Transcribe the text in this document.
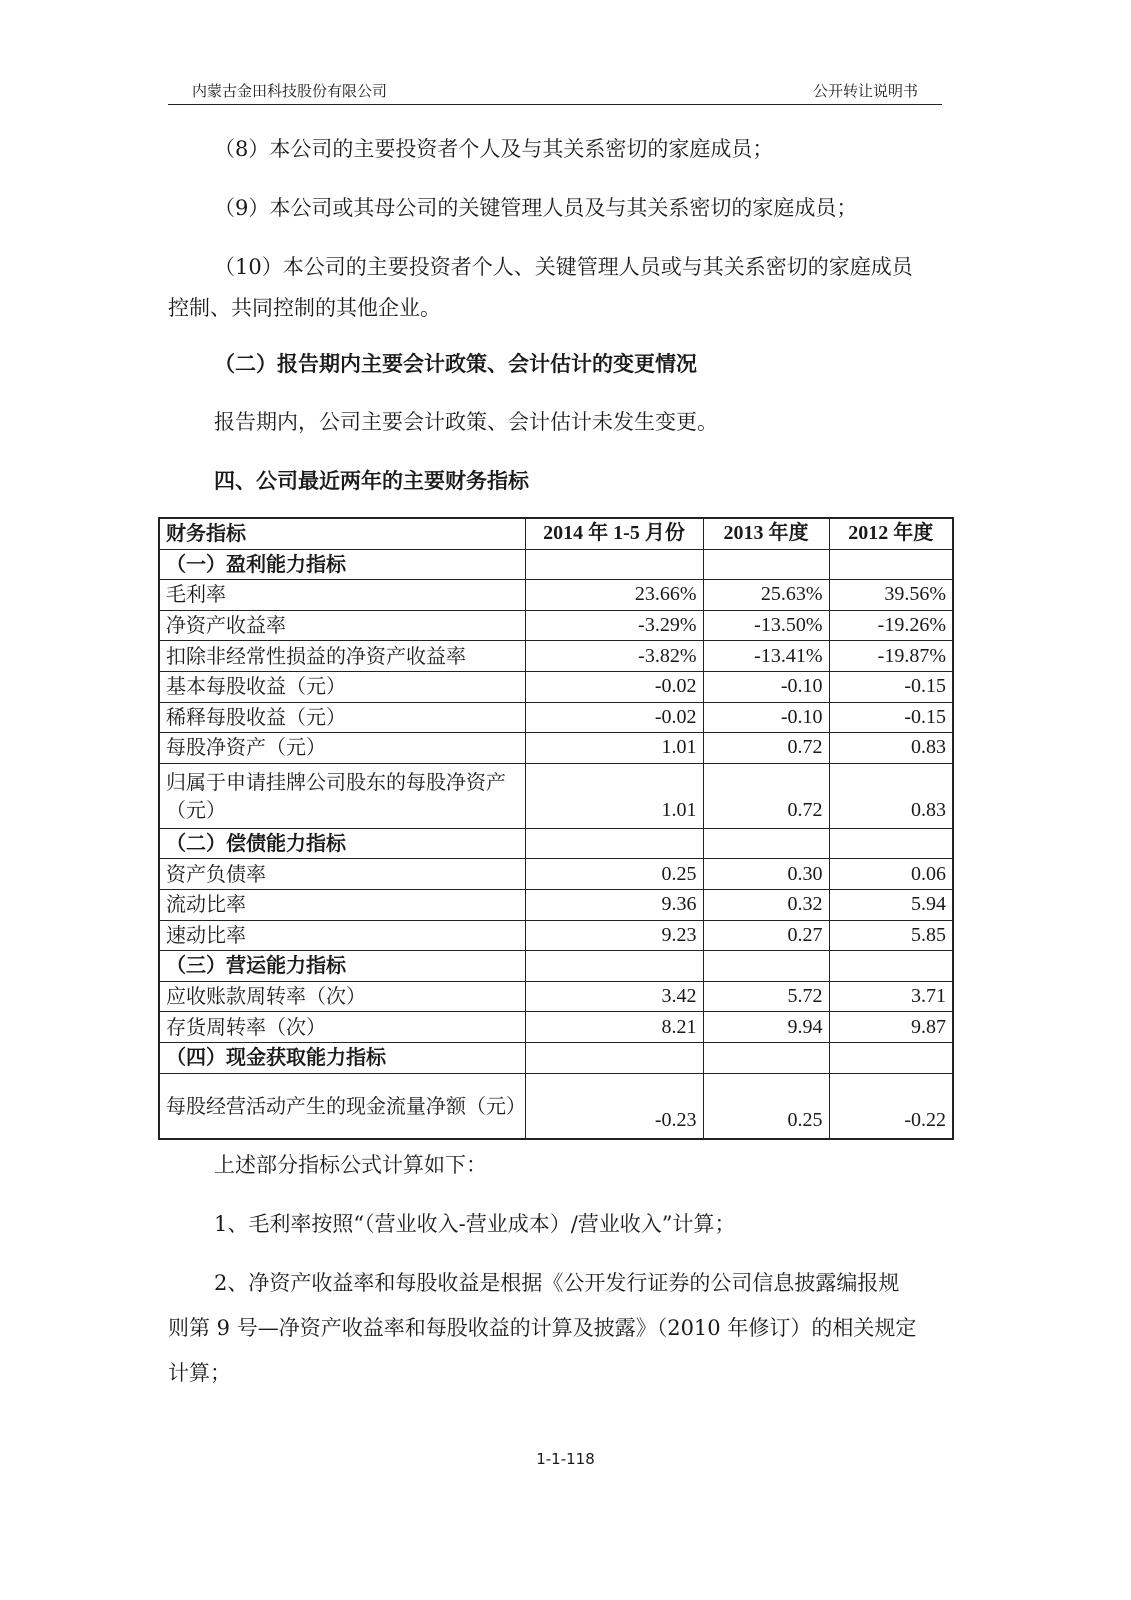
内蒙古金田科技股份有限公司	公开转让说明书
（8）本公司的主要投资者个人及与其关系密切的家庭成员；
（9）本公司或其母公司的关键管理人员及与其关系密切的家庭成员；
（10）本公司的主要投资者个人、关键管理人员或与其关系密切的家庭成员
控制、共同控制的其他企业。
（二）报告期内主要会计政策、会计估计的变更情况
报告期内，公司主要会计政策、会计估计未发生变更。
四、公司最近两年的主要财务指标
财务指标	2014 年 1-5 月份	2013 年度	2012 年度
（一）盈利能力指标			
毛利率	23.66%	25.63%	39.56%
净资产收益率	-3.29%	-13.50%	-19.26%
扣除非经常性损益的净资产收益率	-3.82%	-13.41%	-19.87%
基本每股收益（元）	-0.02	-0.10	-0.15
稀释每股收益（元）	-0.02	-0.10	-0.15
每股净资产（元）	1.01	0.72	0.83
归属于申请挂牌公司股东的每股净资产（元）	1.01	0.72	0.83
（二）偿债能力指标			
资产负债率	0.25	0.30	0.06
流动比率	9.36	0.32	5.94
速动比率	9.23	0.27	5.85
（三）营运能力指标			
应收账款周转率（次）	3.42	5.72	3.71
存货周转率（次）	8.21	9.94	9.87
（四）现金获取能力指标			
每股经营活动产生的现金流量净额（元）	-0.23	0.25	-0.22
上述部分指标公式计算如下：
1、毛利率按照“（营业收入-营业成本）/营业收入”计算；
2、净资产收益率和每股收益是根据《公开发行证券的公司信息披露编报规
则第 9 号—净资产收益率和每股收益的计算及披露》（2010 年修订）的相关规定
计算；
1-1-118
